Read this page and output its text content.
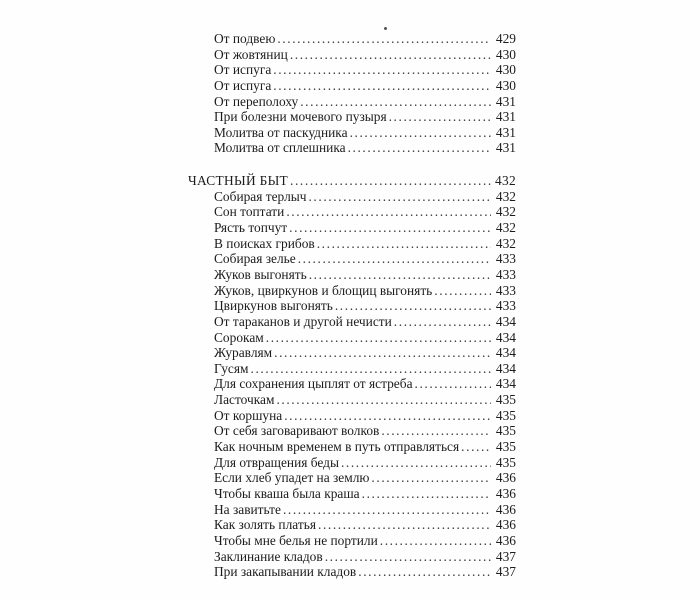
От подвею .....	429
От жовтяниц .....	430
От испуга .....	430
От испуга .....	430
От переполоху .....	431
При болезни мочевого пузыря .....	431
Молитва от паскудника .....	431
Молитва от сплешника .....	431
ЧАСТНЫЙ БЫТ .....	432
Собирая терлыч .....	432
Сон топтати .....	432
Рясть топчут .....	432
В поисках грибов .....	432
Собирая зелье .....	433
Жуков выгонять .....	433
Жуков, цвиркунов и блощиц выгонять .....	433
Цвиркунов выгонять .....	433
От тараканов и другой нечисти .....	434
Сорокам .....	434
Журавлям .....	434
Гусям .....	434
Для сохранения цыплят от ястреба .....	434
Ласточкам .....	435
От коршуна .....	435
От себя заговаривают волков .....	435
Как ночным временем в путь отправляться .....	435
Для отвращения беды .....	435
Если хлеб упадет на землю .....	436
Чтобы кваша была краша .....	436
На завитьте .....	436
Как золять платья .....	436
Чтобы мне белья не портили .....	436
Заклинание кладов .....	437
При закапывании кладов .....	437
